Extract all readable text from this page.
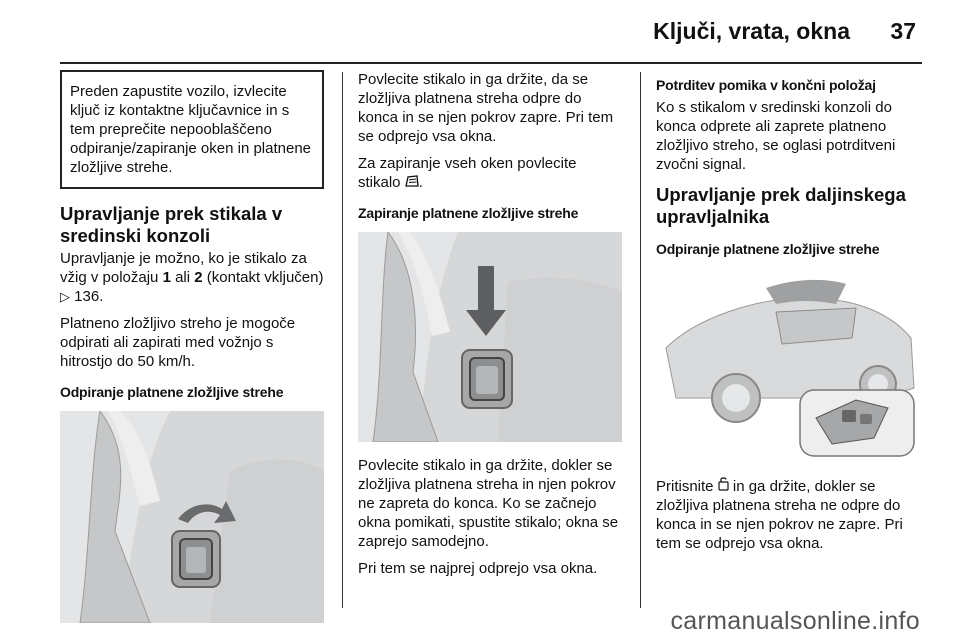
Ključi, vrata, okna 37
Preden zapustite vozilo, izvlecite ključ iz kontaktne ključavnice in s tem preprečite nepooblaščeno odpiranje/zapiranje oken in platnene zložljive strehe.
Upravljanje prek stikala v sredinski konzoli

Upravljanje je možno, ko je stikalo za vžig v položaju 1 ali 2 (kontakt vključen) ▷ 136.

Platneno zložljivo streho je mogoče odpirati ali zapirati med vožnjo s hitrostjo do 50 km/h.

Odpiranje platnene zložljive strehe

Povlecite stikalo in ga držite, da se zložljiva platnena streha odpre do konca in se njen pokrov zapre. Pri tem se odprejo vsa okna.

Za zapiranje vseh oken povlecite stikalo .

Zapiranje platnene zložljive strehe

Povlecite stikalo in ga držite, dokler se zložljiva platnena streha in njen pokrov ne zapreta do konca. Ko se začnejo okna pomikati, spustite stikalo; okna se zaprejo samodejno.

Pri tem se najprej odprejo vsa okna.

Potrditev pomika v končni položaj

Ko s stikalom v sredinski konzoli do konca odprete ali zaprete platneno zložljivo streho, se oglasi potrditveni zvočni signal.

Upravljanje prek daljinskega upravljalnika
Odpiranje platnene zložljive strehe

Pritisnite  in ga držite, dokler se zložljiva platnena streha ne odpre do konca in se njen pokrov ne zapre. Pri tem se odprejo vsa okna.

carmanualsonline.info
